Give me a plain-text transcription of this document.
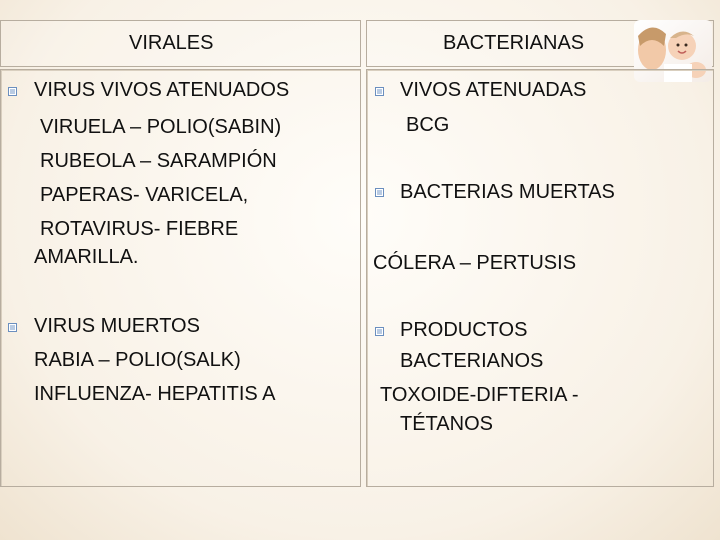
VIRALES	BACTERIANAS
VIRUS VIVOS ATENUADOS
VIRUELA – POLIO(SABIN)
RUBEOLA – SARAMPIÓN
PAPERAS- VARICELA,
ROTAVIRUS- FIEBRE
AMARILLA.
VIRUS MUERTOS
RABIA – POLIO(SALK)
INFLUENZA- HEPATITIS A
VIVOS ATENUADAS
BCG
BACTERIAS MUERTAS
CÓLERA – PERTUSIS
PRODUCTOS
BACTERIANOS
TOXOIDE-DIFTERIA -
TÉTANOS
